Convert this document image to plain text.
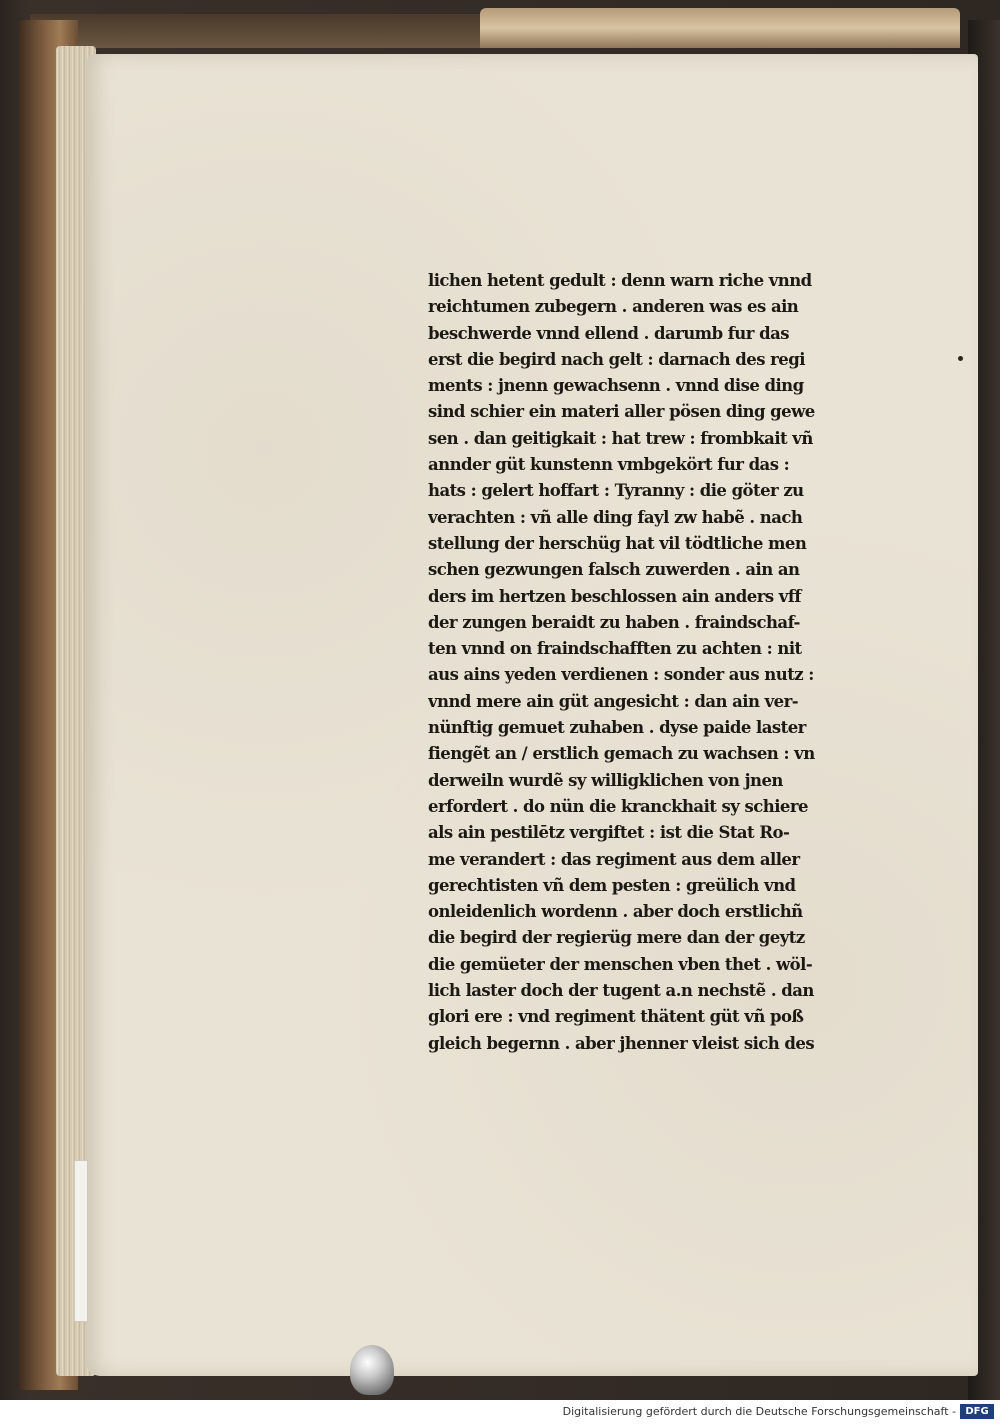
lichen hetent gedult : denn warn riche vnnd
reichtumen zubegern . anderen was es ain
beschwerde vnnd ellend . darumb fur das
erst die begird nach gelt : darnach des regi
ments : jnenn gewachsenn . vnnd dise ding
sind schier ein materi aller pösen ding gewe
sen . dan geitigkait : hat trew : frombkait vñ
annder güt kunstenn vmbgekört fur das :
hats : gelert hoffart : Tyranny : die göter zu
verachten : vñ alle ding fayl zw habẽ . nach
stellung der herschüg hat vil tödtliche men
schen gezwungen falsch zuwerden . ain an
ders im hertzen beschlossen ain anders vff
der zungen beraidt zu haben . fraindschaf-
ten vnnd on fraindschafften zu achten : nit
aus ains yeden verdienen : sonder aus nutz :
vnnd mere ain güt angesicht : dan ain ver-
nünftig gemuet zuhaben . dyse paide laster
fiengẽt an / erstlich gemach zu wachsen : vn
derweiln wurdẽ sy willigklichen von jnen
erfordert . do nün die kranckhait sy schiere
als ain pestilētz vergiftet : ist die Stat Ro-
me verandert : das regiment aus dem aller
gerechtisten vñ dem pesten : greülich vnd
onleidenlich wordenn . aber doch erstlichñ
die begird der regierüg mere dan der geytz
die gemüeter der menschen vben thet . wöl-
lich laster doch der tugent a.n nechstẽ . dan
glori ere : vnd regiment thätent güt vñ poß
gleich begernn . aber jhenner vleist sich des
Digitalisierung gefördert durch die Deutsche Forschungsgemeinschaft - DFG
